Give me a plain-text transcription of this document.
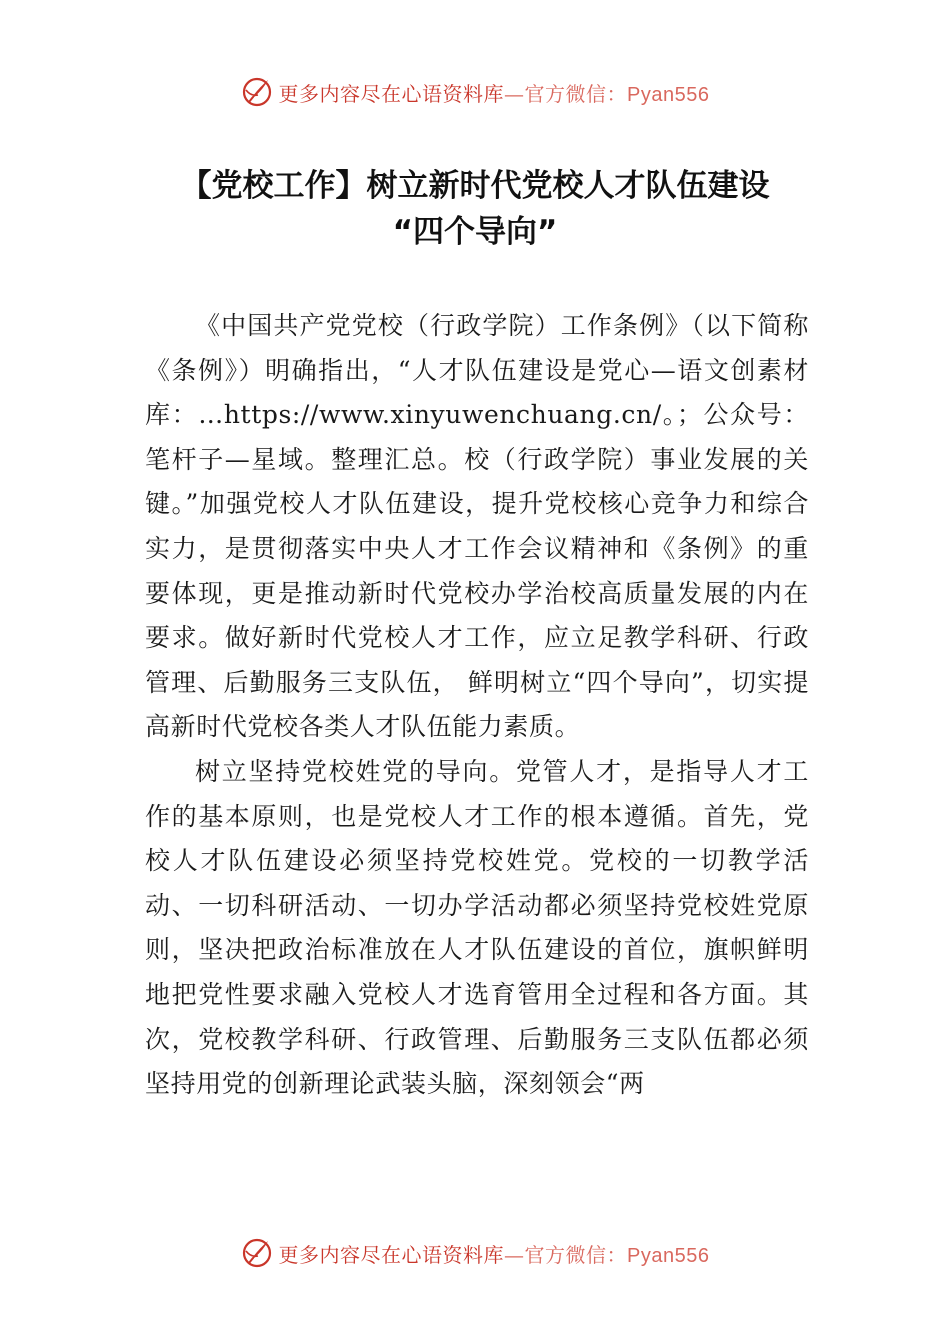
更多内容尽在心语资料库—官方微信：Pyan556
【党校工作】树立新时代党校人才队伍建设
“四个导向”

《中国共产党党校（行政学院）工作条例》（以下简称《条例》）明确指出，“人才队伍建设是党心—语文创素材库：…https://www.xinyuwenchuang.cn/。；公众号：笔杆子—星域。整理汇总。校（行政学院）事业发展的关键。”加强党校人才队伍建设，提升党校核心竞争力和综合实力，是贯彻落实中央人才工作会议精神和《条例》的重要体现，更是推动新时代党校办学治校高质量发展的内在要求。做好新时代党校人才工作，应立足教学科研、行政管理、后勤服务三支队伍， 鲜明树立“四个导向”，切实提高新时代党校各类人才队伍能力素质。

树立坚持党校姓党的导向。党管人才，是指导人才工作的基本原则，也是党校人才工作的根本遵循。首先，党校人才队伍建设必须坚持党校姓党。党校的一切教学活动、一切科研活动、一切办学活动都必须坚持党校姓党原则，坚决把政治标准放在人才队伍建设的首位，旗帜鲜明地把党性要求融入党校人才选育管用全过程和各方面。其次，党校教学科研、行政管理、后勤服务三支队伍都必须坚持用党的创新理论武装头脑，深刻领会“两

更多内容尽在心语资料库—官方微信：Pyan556
